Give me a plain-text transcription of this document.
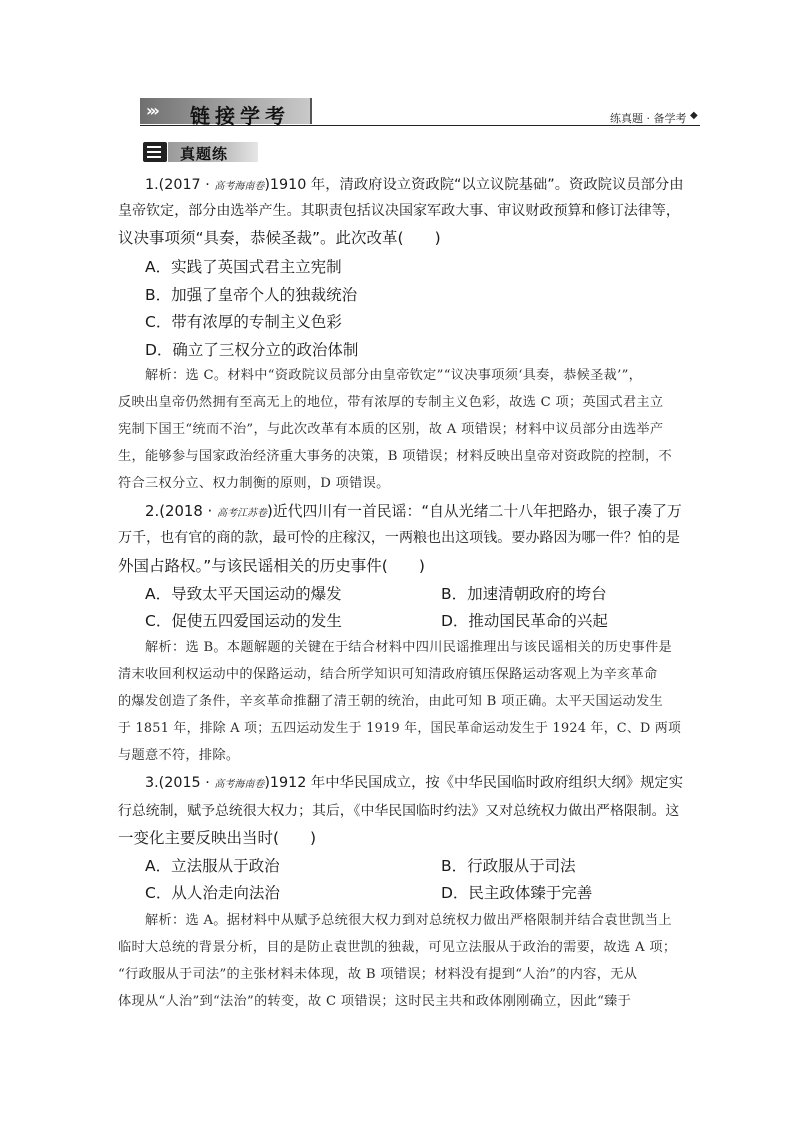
››› 链接学考	练真题 · 备学考 ◆
真题练
1.(2017 · 高考海南卷)1910 年，清政府设立资政院“以立议院基础”。资政院议员部分由
皇帝钦定，部分由选举产生。其职责包括议决国家军政大事、审议财政预算和修订法律等，
议决事项须“具奏，恭候圣裁”。此次改革(　　)
A．实践了英国式君主立宪制
B．加强了皇帝个人的独裁统治
C．带有浓厚的专制主义色彩
D．确立了三权分立的政治体制
解析：选 C。材料中“资政院议员部分由皇帝钦定”“议决事项须‘具奏，恭候圣裁’”，
反映出皇帝仍然拥有至高无上的地位，带有浓厚的专制主义色彩，故选 C 项；英国式君主立
宪制下国王“统而不治”，与此次改革有本质的区别，故 A 项错误；材料中议员部分由选举产
生，能够参与国家政治经济重大事务的决策，B 项错误；材料反映出皇帝对资政院的控制，不
符合三权分立、权力制衡的原则，D 项错误。
2.(2018 · 高考江苏卷)近代四川有一首民谣：“自从光绪二十八年把路办，银子凑了万
万千，也有官的商的款，最可怜的庄稼汉，一两粮也出这项钱。要办路因为哪一件？怕的是
外国占路权。”与该民谣相关的历史事件(　　)
A．导致太平天国运动的爆发	B．加速清朝政府的垮台
C．促使五四爱国运动的发生	D．推动国民革命的兴起
解析：选 B。本题解题的关键在于结合材料中四川民谣推理出与该民谣相关的历史事件是
清末收回利权运动中的保路运动，结合所学知识可知清政府镇压保路运动客观上为辛亥革命
的爆发创造了条件，辛亥革命推翻了清王朝的统治，由此可知 B 项正确。太平天国运动发生
于 1851 年，排除 A 项；五四运动发生于 1919 年，国民革命运动发生于 1924 年，C、D 两项
与题意不符，排除。
3.(2015 · 高考海南卷)1912 年中华民国成立，按《中华民国临时政府组织大纲》规定实
行总统制，赋予总统很大权力；其后，《中华民国临时约法》又对总统权力做出严格限制。这
一变化主要反映出当时(　　)
A．立法服从于政治	B．行政服从于司法
C．从人治走向法治	D．民主政体臻于完善
解析：选 A。据材料中从赋予总统很大权力到对总统权力做出严格限制并结合袁世凯当上
临时大总统的背景分析，目的是防止袁世凯的独裁，可见立法服从于政治的需要，故选 A 项；
“行政服从于司法”的主张材料未体现，故 B 项错误；材料没有提到“人治”的内容，无从
体现从“人治”到“法治”的转变，故 C 项错误；这时民主共和政体刚刚确立，因此“臻于
